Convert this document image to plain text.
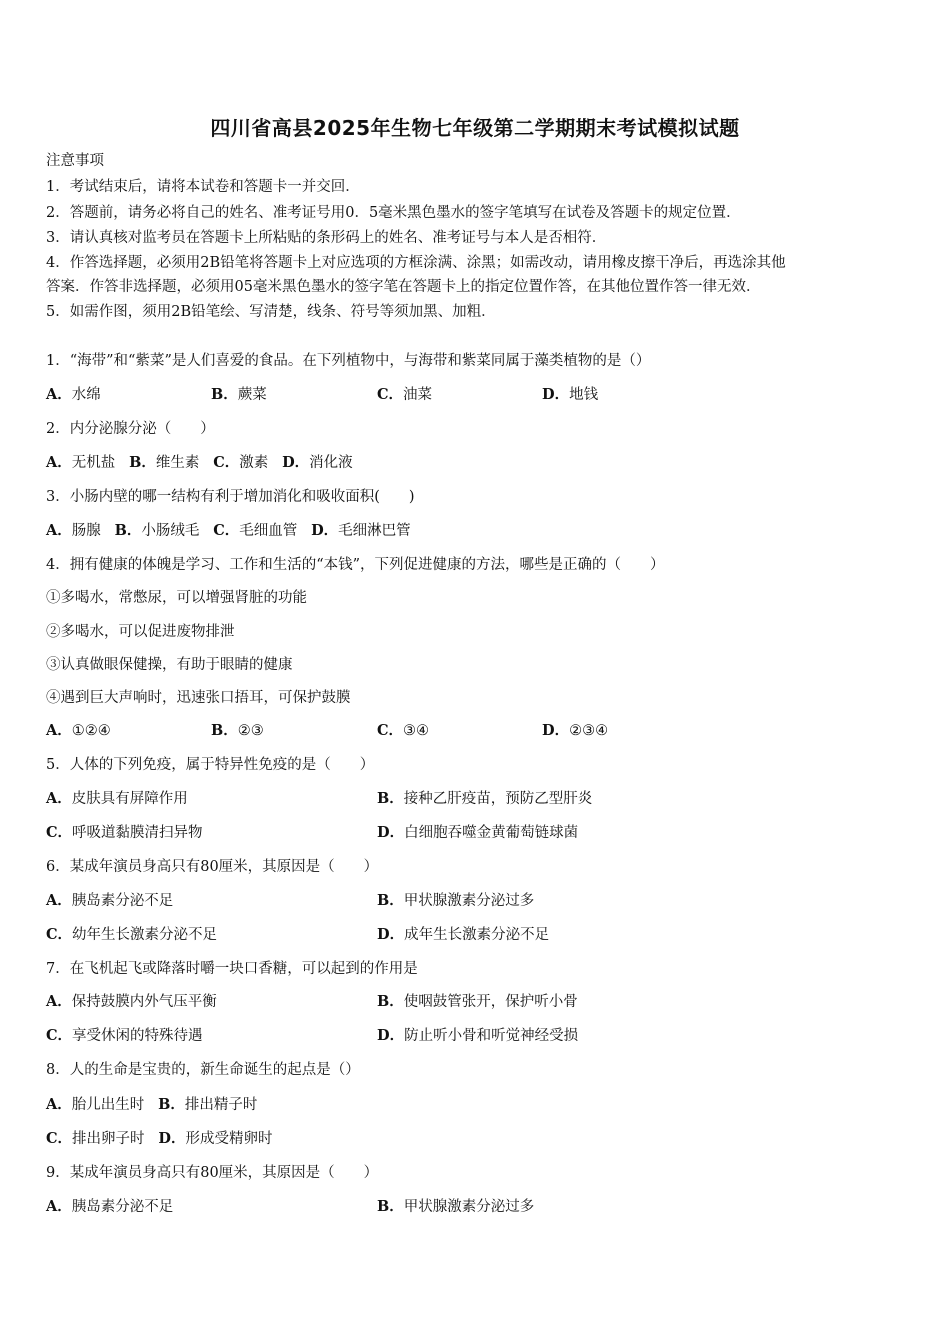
四川省高县2025年生物七年级第二学期期末考试模拟试题
注意事项
1．考试结束后，请将本试卷和答题卡一并交回．
2．答题前，请务必将自己的姓名、准考证号用0．5毫米黑色墨水的签字笔填写在试卷及答题卡的规定位置．
3．请认真核对监考员在答题卡上所粘贴的条形码上的姓名、准考证号与本人是否相符．
4．作答选择题，必须用2B铅笔将答题卡上对应选项的方框涂满、涂黑；如需改动，请用橡皮擦干净后，再选涂其他
答案．作答非选择题，必须用05毫米黑色墨水的签字笔在答题卡上的指定位置作答，在其他位置作答一律无效．
5．如需作图，须用2B铅笔绘、写清楚，线条、符号等须加黑、加粗．
1．“海带”和“紫菜”是人们喜爱的食品。在下列植物中，与海带和紫菜同属于藻类植物的是（）
A．水绵	B．蕨菜	C．油菜	D．地钱
2．内分泌腺分泌（　　）
A．无机盐 B．维生素 C．激素 D．消化液
3．小肠内壁的哪一结构有利于增加消化和吸收面积(　　)
A．肠腺 B．小肠绒毛 C．毛细血管 D．毛细淋巴管
4．拥有健康的体魄是学习、工作和生活的“本钱”，下列促进健康的方法，哪些是正确的（　　）
①多喝水，常憋尿，可以增强肾脏的功能
②多喝水，可以促进废物排泄
③认真做眼保健操，有助于眼睛的健康
④遇到巨大声响时，迅速张口捂耳，可保护鼓膜
A．①②④	B．②③	C．③④	D．②③④
5．人体的下列免疫，属于特异性免疫的是（　　）
A．皮肤具有屏障作用	B．接种乙肝疫苗，预防乙型肝炎
C．呼吸道黏膜清扫异物	D．白细胞吞噬金黄葡萄链球菌
6．某成年演员身高只有80厘米，其原因是（　　）
A．胰岛素分泌不足	B．甲状腺激素分泌过多
C．幼年生长激素分泌不足	D．成年生长激素分泌不足
7．在飞机起飞或降落时嚼一块口香糖，可以起到的作用是
A．保持鼓膜内外气压平衡	B．使咽鼓管张开，保护听小骨
C．享受休闲的特殊待遇	D．防止听小骨和听觉神经受损
8．人的生命是宝贵的，新生命诞生的起点是（）
A．胎儿出生时 B．排出精子时
C．排出卵子时 D．形成受精卵时
9．某成年演员身高只有80厘米，其原因是（　　）
A．胰岛素分泌不足	B．甲状腺激素分泌过多
